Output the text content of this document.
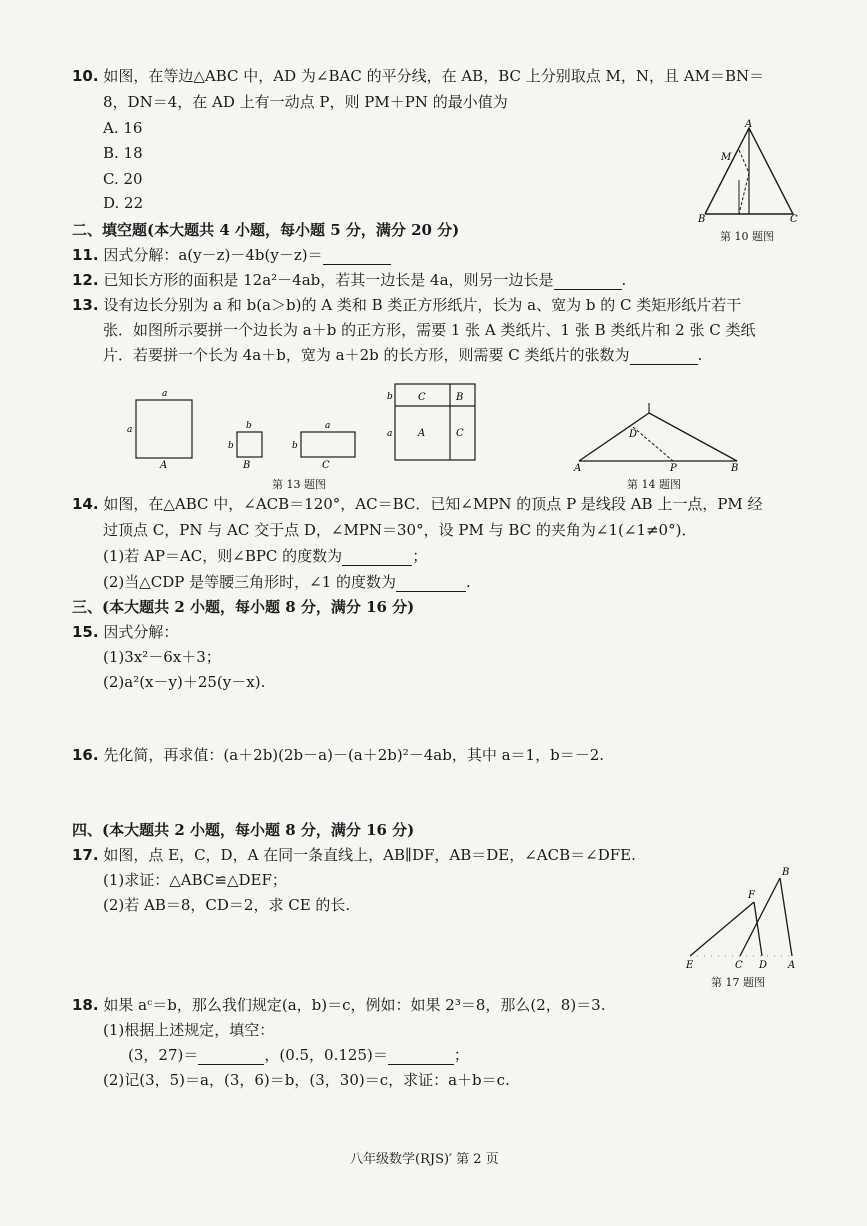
10. 如图，在等边△ABC 中，AD 为∠BAC 的平分线，在 AB，BC 上分别取点 M，N，且 AM＝BN＝
8，DN＝4，在 AD 上有一动点 P，则 PM＋PN 的最小值为
A. 16
B. 18
C. 20
D. 22
A
M
B	C
第 10 题图
二、填空题(本大题共 4 小题，每小题 5 分，满分 20 分)
11. 因式分解：a(y－z)－4b(y－z)＝
12. 已知长方形的面积是 12a²－4ab，若其一边长是 4a，则另一边长是	.
13. 设有边长分别为 a 和 b(a＞b)的 A 类和 B 类正方形纸片，长为 a、宽为 b 的 C 类矩形纸片若干
张．如图所示要拼一个边长为 a＋b 的正方形，需要 1 张 A 类纸片、1 张 B 类纸片和 2 张 C 类纸
片．若要拼一个长为 4a＋b，宽为 a＋2b 的长方形，则需要 C 类纸片的张数为	.
a
a
A
b
b
B
a
b
C
C	B
A	C
b
a
第 13 题图
A	P	B
D
第 14 题图
14. 如图，在△ABC 中，∠ACB＝120°，AC＝BC．已知∠MPN 的顶点 P 是线段 AB 上一点，PM 经
过顶点 C，PN 与 AC 交于点 D，∠MPN＝30°，设 PM 与 BC 的夹角为∠1(∠1≠0°)．
(1)若 AP＝AC，则∠BPC 的度数为	；
(2)当△CDP 是等腰三角形时，∠1 的度数为	.
三、(本大题共 2 小题，每小题 8 分，满分 16 分)
15. 因式分解：
(1)3x²－6x＋3；
(2)a²(x－y)＋25(y－x).
16. 先化简，再求值：(a＋2b)(2b－a)－(a＋2b)²－4ab，其中 a＝1，b＝－2.
四、(本大题共 2 小题，每小题 8 分，满分 16 分)
17. 如图，点 E，C，D，A 在同一条直线上，AB∥DF，AB＝DE，∠ACB＝∠DFE.
(1)求证：△ABC≌△DEF；
(2)若 AB＝8，CD＝2，求 CE 的长.
B
F
E	C D A
第 17 题图
18. 如果 aᶜ＝b，那么我们规定(a，b)＝c，例如：如果 2³＝8，那么(2，8)＝3.
(1)根据上述规定，填空：
(3，27)＝	，(0.5，0.125)＝	；
(2)记(3，5)＝a，(3，6)＝b，(3，30)＝c，求证：a＋b＝c.
八年级数学(RJS)′ 第 2 页
